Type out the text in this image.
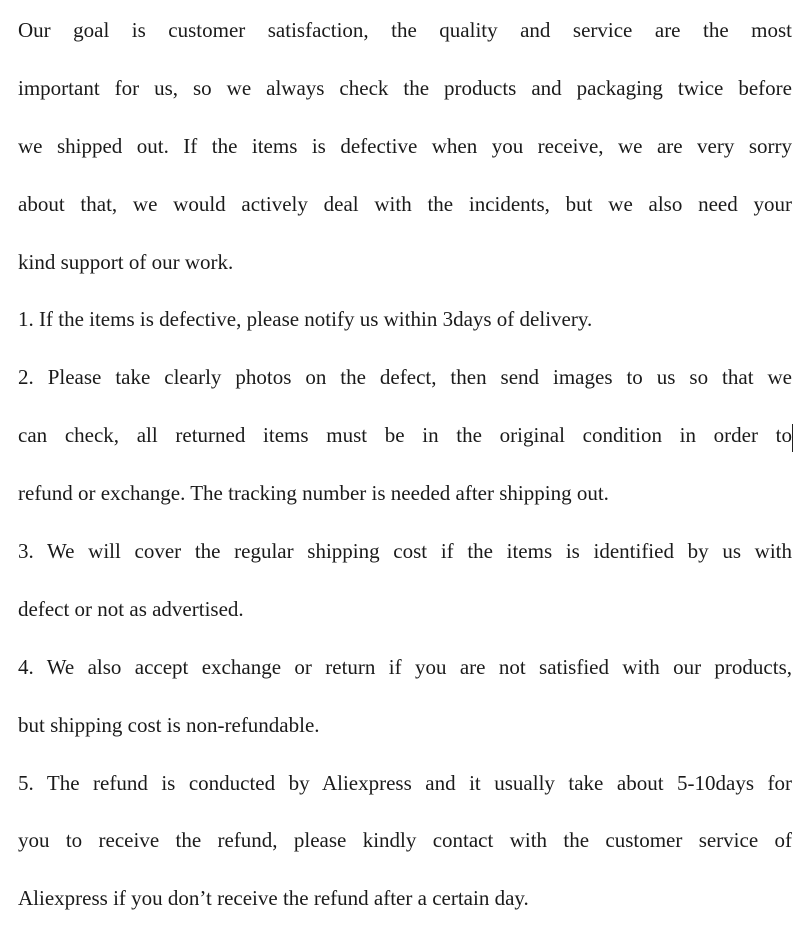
Our goal is customer satisfaction, the quality and service are the most
important for us, so we always check the products and packaging twice before
we shipped out. If the items is defective when you receive, we are very sorry
about that, we would actively deal with the incidents, but we also need your
kind support of our work.
1. If the items is defective, please notify us within 3days of delivery.
2. Please take clearly photos on the defect, then send images to us so that we
can check, all returned items must be in the original condition in order to
refund or exchange. The tracking number is needed after shipping out.
3. We will cover the regular shipping cost if the items is identified by us with
defect or not as advertised.
4. We also accept exchange or return if you are not satisfied with our products,
but shipping cost is non-refundable.
5. The refund is conducted by Aliexpress and it usually take about 5-10days for
you to receive the refund, please kindly contact with the customer service of
Aliexpress if you don’t receive the refund after a certain day.
